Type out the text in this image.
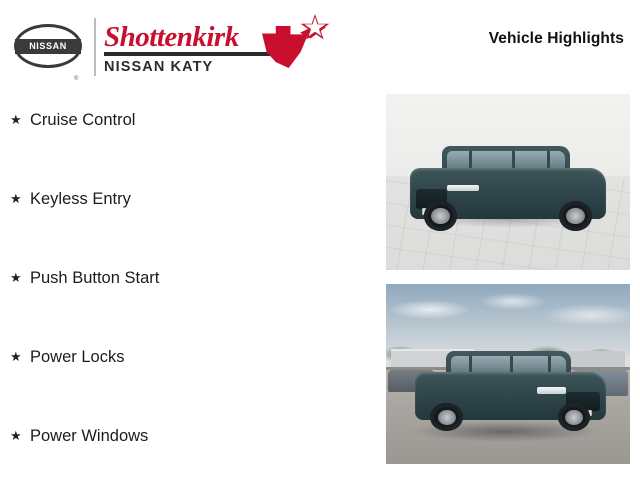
NISSAN
®
Shottenkirk
NISSAN KATY
Vehicle Highlights
★ Cruise Control
★ Keyless Entry
★ Push Button Start
★ Power Locks
★ Power Windows
